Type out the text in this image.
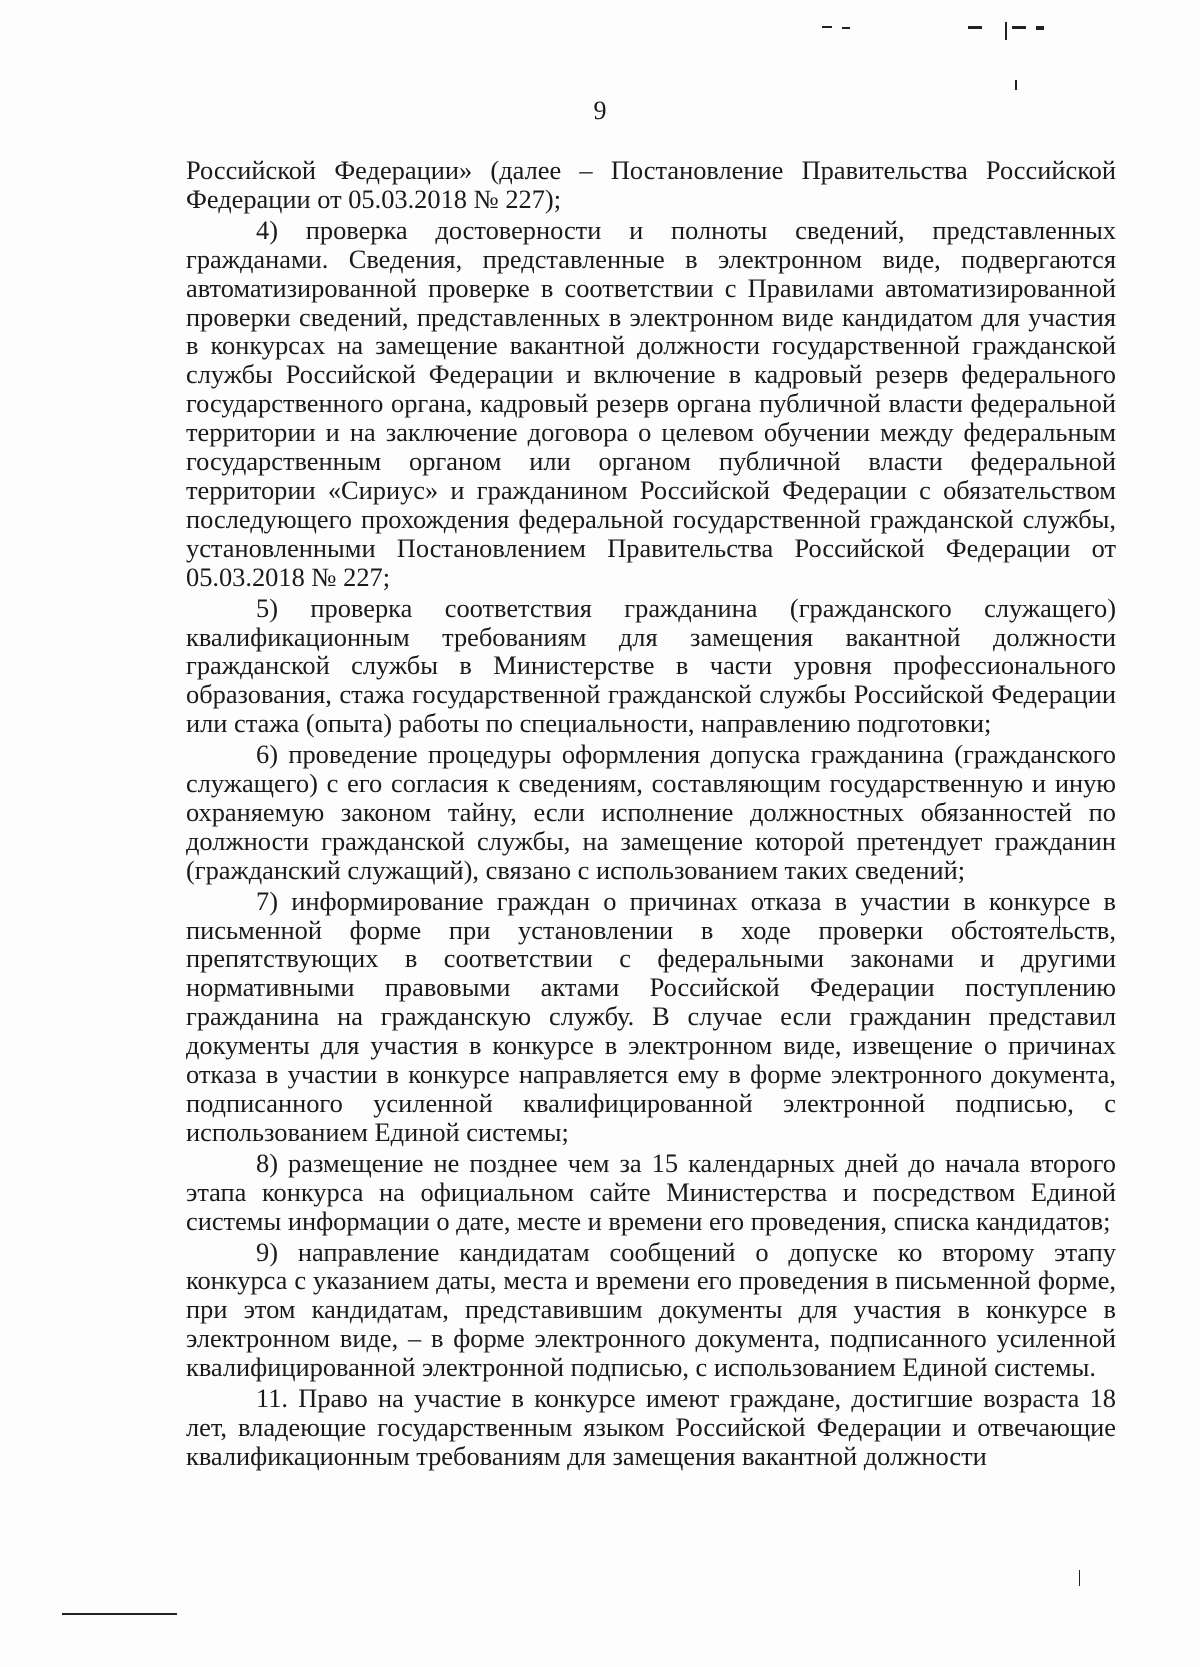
9

Российской Федерации» (далее – Постановление Правительства Российской Федерации от 05.03.2018 № 227);

4) проверка достоверности и полноты сведений, представленных гражданами. Сведения, представленные в электронном виде, подвергаются автоматизированной проверке в соответствии с Правилами автоматизированной проверки сведений, представленных в электронном виде кандидатом для участия в конкурсах на замещение вакантной должности государственной гражданской службы Российской Федерации и включение в кадровый резерв федерального государственного органа, кадровый резерв органа публичной власти федеральной территории и на заключение договора о целевом обучении между федеральным государственным органом или органом публичной власти федеральной территории «Сириус» и гражданином Российской Федерации с обязательством последующего прохождения федеральной государственной гражданской службы, установленными Постановлением Правительства Российской Федерации от 05.03.2018 № 227;

5) проверка соответствия гражданина (гражданского служащего) квалификационным требованиям для замещения вакантной должности гражданской службы в Министерстве в части уровня профессионального образования, стажа государственной гражданской службы Российской Федерации или стажа (опыта) работы по специальности, направлению подготовки;

6) проведение процедуры оформления допуска гражданина (гражданского служащего) с его согласия к сведениям, составляющим государственную и иную охраняемую законом тайну, если исполнение должностных обязанностей по должности гражданской службы, на замещение которой претендует гражданин (гражданский служащий), связано с использованием таких сведений;

7) информирование граждан о причинах отказа в участии в конкурсе в письменной форме при установлении в ходе проверки обстоятельств, препятствующих в соответствии с федеральными законами и другими нормативными правовыми актами Российской Федерации поступлению гражданина на гражданскую службу. В случае если гражданин представил документы для участия в конкурсе в электронном виде, извещение о причинах отказа в участии в конкурсе направляется ему в форме электронного документа, подписанного усиленной квалифицированной электронной подписью, с использованием Единой системы;

8) размещение не позднее чем за 15 календарных дней до начала второго этапа конкурса на официальном сайте Министерства и посредством Единой системы информации о дате, месте и времени его проведения, списка кандидатов;

9) направление кандидатам сообщений о допуске ко второму этапу конкурса с указанием даты, места и времени его проведения в письменной форме, при этом кандидатам, представившим документы для участия в конкурсе в электронном виде, – в форме электронного документа, подписанного усиленной квалифицированной электронной подписью, с использованием Единой системы.

11. Право на участие в конкурсе имеют граждане, достигшие возраста 18 лет, владеющие государственным языком Российской Федерации и отвечающие квалификационным требованиям для замещения вакантной должности
